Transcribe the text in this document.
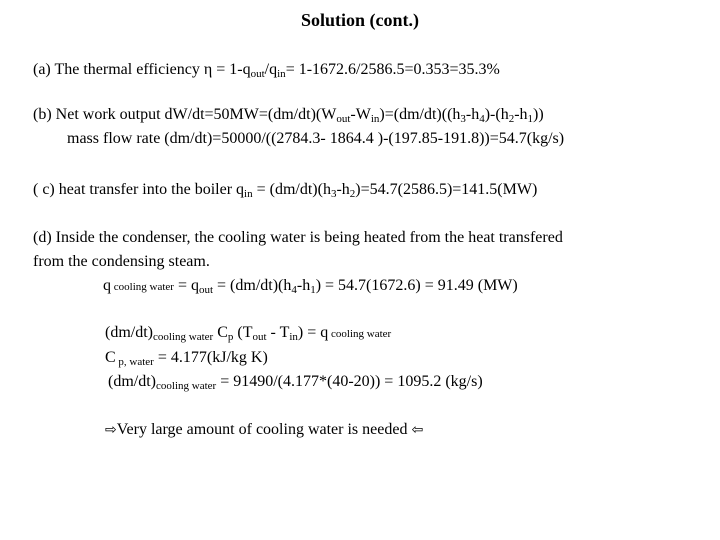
Solution (cont.)
(a) The thermal efficiency $\eta = 1-q_{out}/q_{in}= 1-1672.6/2586.5=0.353=35.3\%$
(b) Net work output $dW/dt=50MW=(dm/dt)(W_{out}-W_{in})=(dm/dt)((h_3-h_4)-(h_2-h_1))$
mass flow rate (dm/dt)=50000/((2784.3- 1864.4 )-(197.85-191.8))=54.7(kg/s)
( c) heat transfer into the boiler $q_{in} = (dm/dt)(h_3-h_2)=54.7(2586.5)=141.5(MW)$
(d) Inside the condenser, the cooling water is being heated from the heat transfered
from the condensing steam.
q cooling water = $q_{out} = (dm/dt)(h_4-h_1) = 54.7(1672.6) = 91.49$ (MW)
$(dm/dt)_{cooling water}$ $C_p$ $(T_{out} - T_{in}) = q$ cooling water
C $_{p, water}$ = 4.177(kJ/kg K)
$(dm/dt)_{cooling water} = 91490/(4.177*(40-20)) = 1095.2$ (kg/s)
⇨Very large amount of cooling water is needed ⇦
